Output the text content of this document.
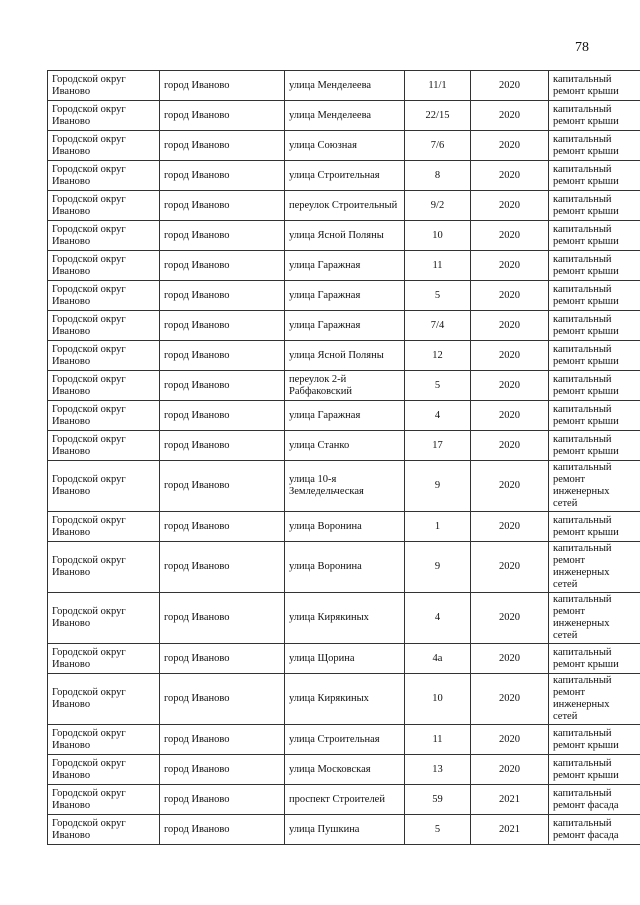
78
Городской округ Иваново	город Иваново	улица Менделеева	11/1	2020	капитальный ремонт крыши
Городской округ Иваново	город Иваново	улица Менделеева	22/15	2020	капитальный ремонт крыши
Городской округ Иваново	город Иваново	улица Союзная	7/6	2020	капитальный ремонт крыши
Городской округ Иваново	город Иваново	улица Строительная	8	2020	капитальный ремонт крыши
Городской округ Иваново	город Иваново	переулок Строительный	9/2	2020	капитальный ремонт крыши
Городской округ Иваново	город Иваново	улица Ясной Поляны	10	2020	капитальный ремонт крыши
Городской округ Иваново	город Иваново	улица Гаражная	11	2020	капитальный ремонт крыши
Городской округ Иваново	город Иваново	улица Гаражная	5	2020	капитальный ремонт крыши
Городской округ Иваново	город Иваново	улица Гаражная	7/4	2020	капитальный ремонт крыши
Городской округ Иваново	город Иваново	улица Ясной Поляны	12	2020	капитальный ремонт крыши
Городской округ Иваново	город Иваново	переулок 2-й Рабфаковский	5	2020	капитальный ремонт крыши
Городской округ Иваново	город Иваново	улица Гаражная	4	2020	капитальный ремонт крыши
Городской округ Иваново	город Иваново	улица Станко	17	2020	капитальный ремонт крыши
Городской округ Иваново	город Иваново	улица 10-я Земледельческая	9	2020	капитальный ремонт инженерных сетей
Городской округ Иваново	город Иваново	улица Воронина	1	2020	капитальный ремонт крыши
Городской округ Иваново	город Иваново	улица Воронина	9	2020	капитальный ремонт инженерных сетей
Городской округ Иваново	город Иваново	улица Кирякиных	4	2020	капитальный ремонт инженерных сетей
Городской округ Иваново	город Иваново	улица Щорина	4а	2020	капитальный ремонт крыши
Городской округ Иваново	город Иваново	улица Кирякиных	10	2020	капитальный ремонт инженерных сетей
Городской округ Иваново	город Иваново	улица Строительная	11	2020	капитальный ремонт крыши
Городской округ Иваново	город Иваново	улица Московская	13	2020	капитальный ремонт крыши
Городской округ Иваново	город Иваново	проспект Строителей	59	2021	капитальный ремонт фасада
Городской округ Иваново	город Иваново	улица Пушкина	5	2021	капитальный ремонт фасада
